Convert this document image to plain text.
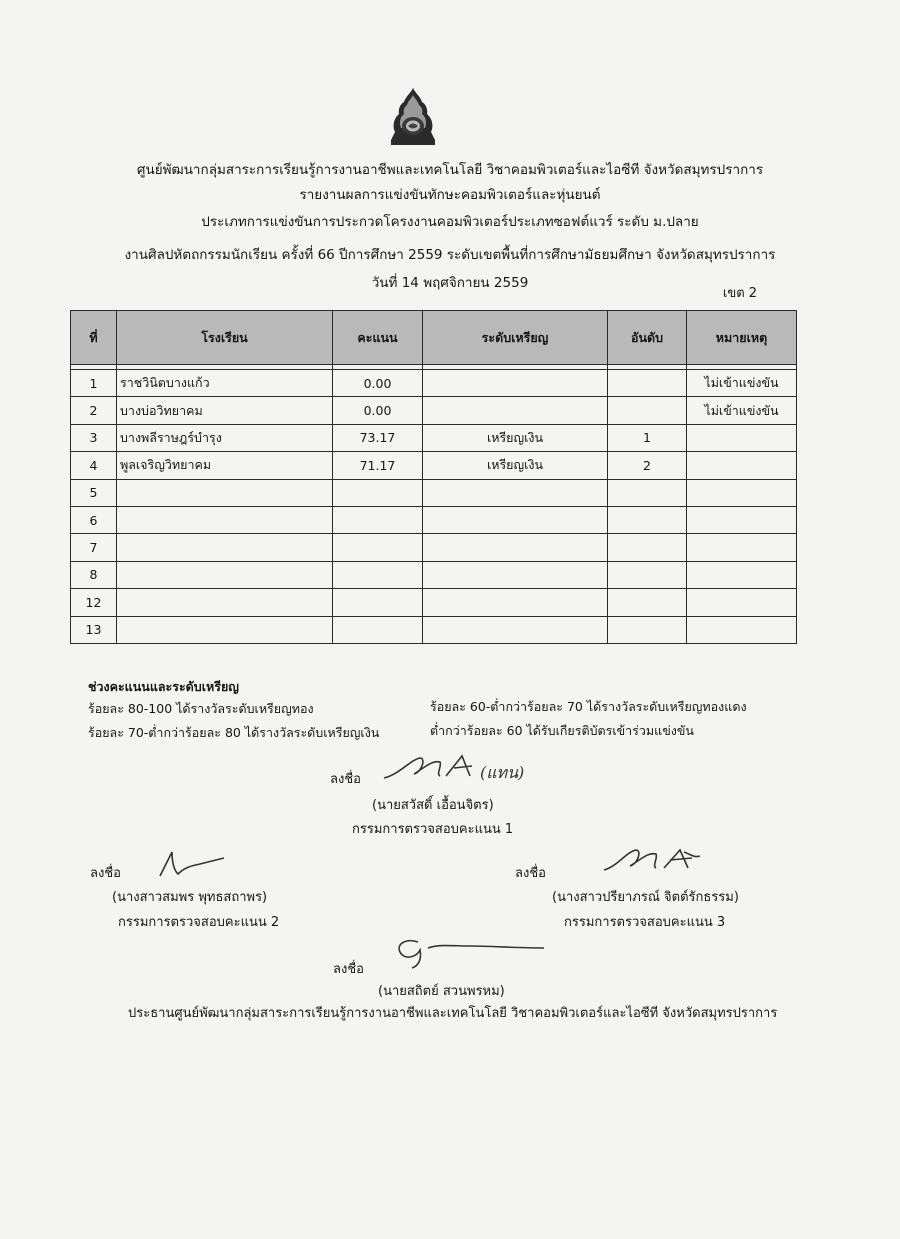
ศูนย์พัฒนากลุ่มสาระการเรียนรู้การงานอาชีพและเทคโนโลยี วิชาคอมพิวเตอร์และไอซีที จังหวัดสมุทรปราการ
รายงานผลการแข่งขันทักษะคอมพิวเตอร์และหุ่นยนต์
ประเภทการแข่งขันการประกวดโครงงานคอมพิวเตอร์ประเภทซอฟต์แวร์ ระดับ ม.ปลาย
งานศิลปหัตถกรรมนักเรียน ครั้งที่ 66 ปีการศึกษา 2559 ระดับเขตพื้นที่การศึกษามัธยมศึกษา จังหวัดสมุทรปราการ
วันที่ 14 พฤศจิกายน 2559
เขต 2
ที่	โรงเรียน	คะแนน	ระดับเหรียญ	อันดับ	หมายเหตุ

1	ราชวินิตบางแก้ว	0.00			ไม่เข้าแข่งขัน
2	บางบ่อวิทยาคม	0.00			ไม่เข้าแข่งขัน
3	บางพลีราษฎร์บำรุง	73.17	เหรียญเงิน	1	
4	พูลเจริญวิทยาคม	71.17	เหรียญเงิน	2	
5					
6					
7					
8					
12					
13					
ช่วงคะแนนและระดับเหรียญ
ร้อยละ 80-100 ได้รางวัลระดับเหรียญทอง	ร้อยละ 60-ต่ำกว่าร้อยละ 70 ได้รางวัลระดับเหรียญทองแดง
ร้อยละ 70-ต่ำกว่าร้อยละ 80 ได้รางวัลระดับเหรียญเงิน	ต่ำกว่าร้อยละ 60 ได้รับเกียรติบัตรเข้าร่วมแข่งขัน
ลงชื่อ	(แทน)
(นายสวัสดิ์ เอื้อนจิตร)
กรรมการตรวจสอบคะแนน 1
ลงชื่อ
(นางสาวสมพร พุทธสถาพร)
กรรมการตรวจสอบคะแนน 2
ลงชื่อ
(นางสาวปรียาภรณ์ จิตต์รักธรรม)
กรรมการตรวจสอบคะแนน 3
ลงชื่อ
(นายสถิตย์ สวนพรหม)
ประธานศูนย์พัฒนากลุ่มสาระการเรียนรู้การงานอาชีพและเทคโนโลยี วิชาคอมพิวเตอร์และไอซีที จังหวัดสมุทรปราการ
